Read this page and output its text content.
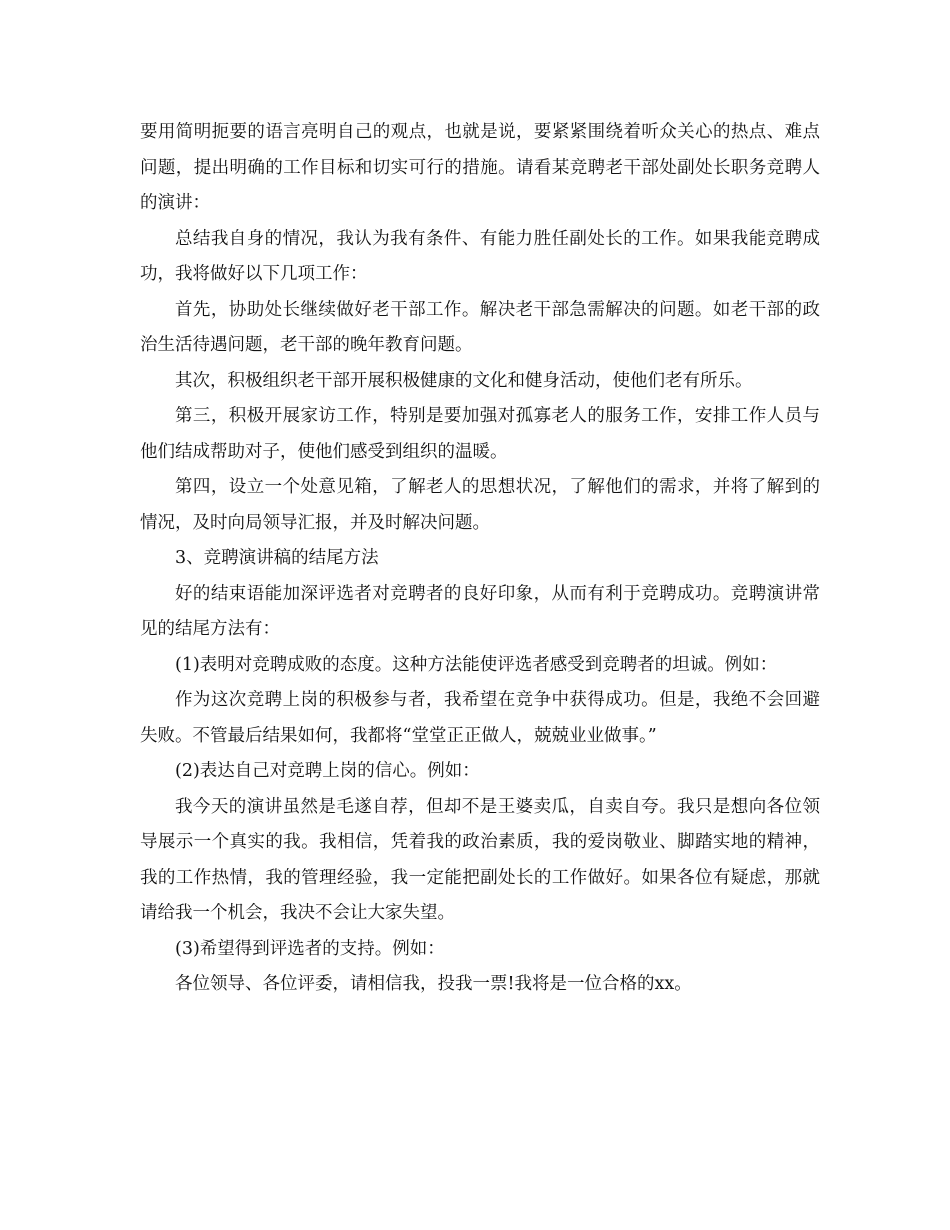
要用简明扼要的语言亮明自己的观点，也就是说，要紧紧围绕着听众关心的热点、难点问题，提出明确的工作目标和切实可行的措施。请看某竞聘老干部处副处长职务竞聘人的演讲：

总结我自身的情况，我认为我有条件、有能力胜任副处长的工作。如果我能竞聘成功，我将做好以下几项工作：

首先，协助处长继续做好老干部工作。解决老干部急需解决的问题。如老干部的政治生活待遇问题，老干部的晚年教育问题。

其次，积极组织老干部开展积极健康的文化和健身活动，使他们老有所乐。

第三，积极开展家访工作，特别是要加强对孤寡老人的服务工作，安排工作人员与他们结成帮助对子，使他们感受到组织的温暖。

第四，设立一个处意见箱，了解老人的思想状况，了解他们的需求，并将了解到的情况，及时向局领导汇报，并及时解决问题。

3、竞聘演讲稿的结尾方法

好的结束语能加深评选者对竞聘者的良好印象，从而有利于竞聘成功。竞聘演讲常见的结尾方法有：

(1)表明对竞聘成败的态度。这种方法能使评选者感受到竞聘者的坦诚。例如：

作为这次竞聘上岗的积极参与者，我希望在竞争中获得成功。但是，我绝不会回避失败。不管最后结果如何，我都将“堂堂正正做人，兢兢业业做事。”

(2)表达自己对竞聘上岗的信心。例如：

我今天的演讲虽然是毛遂自荐，但却不是王婆卖瓜，自卖自夸。我只是想向各位领导展示一个真实的我。我相信，凭着我的政治素质，我的爱岗敬业、脚踏实地的精神，我的工作热情，我的管理经验，我一定能把副处长的工作做好。如果各位有疑虑，那就请给我一个机会，我决不会让大家失望。

(3)希望得到评选者的支持。例如：

各位领导、各位评委，请相信我，投我一票!我将是一位合格的xx。
